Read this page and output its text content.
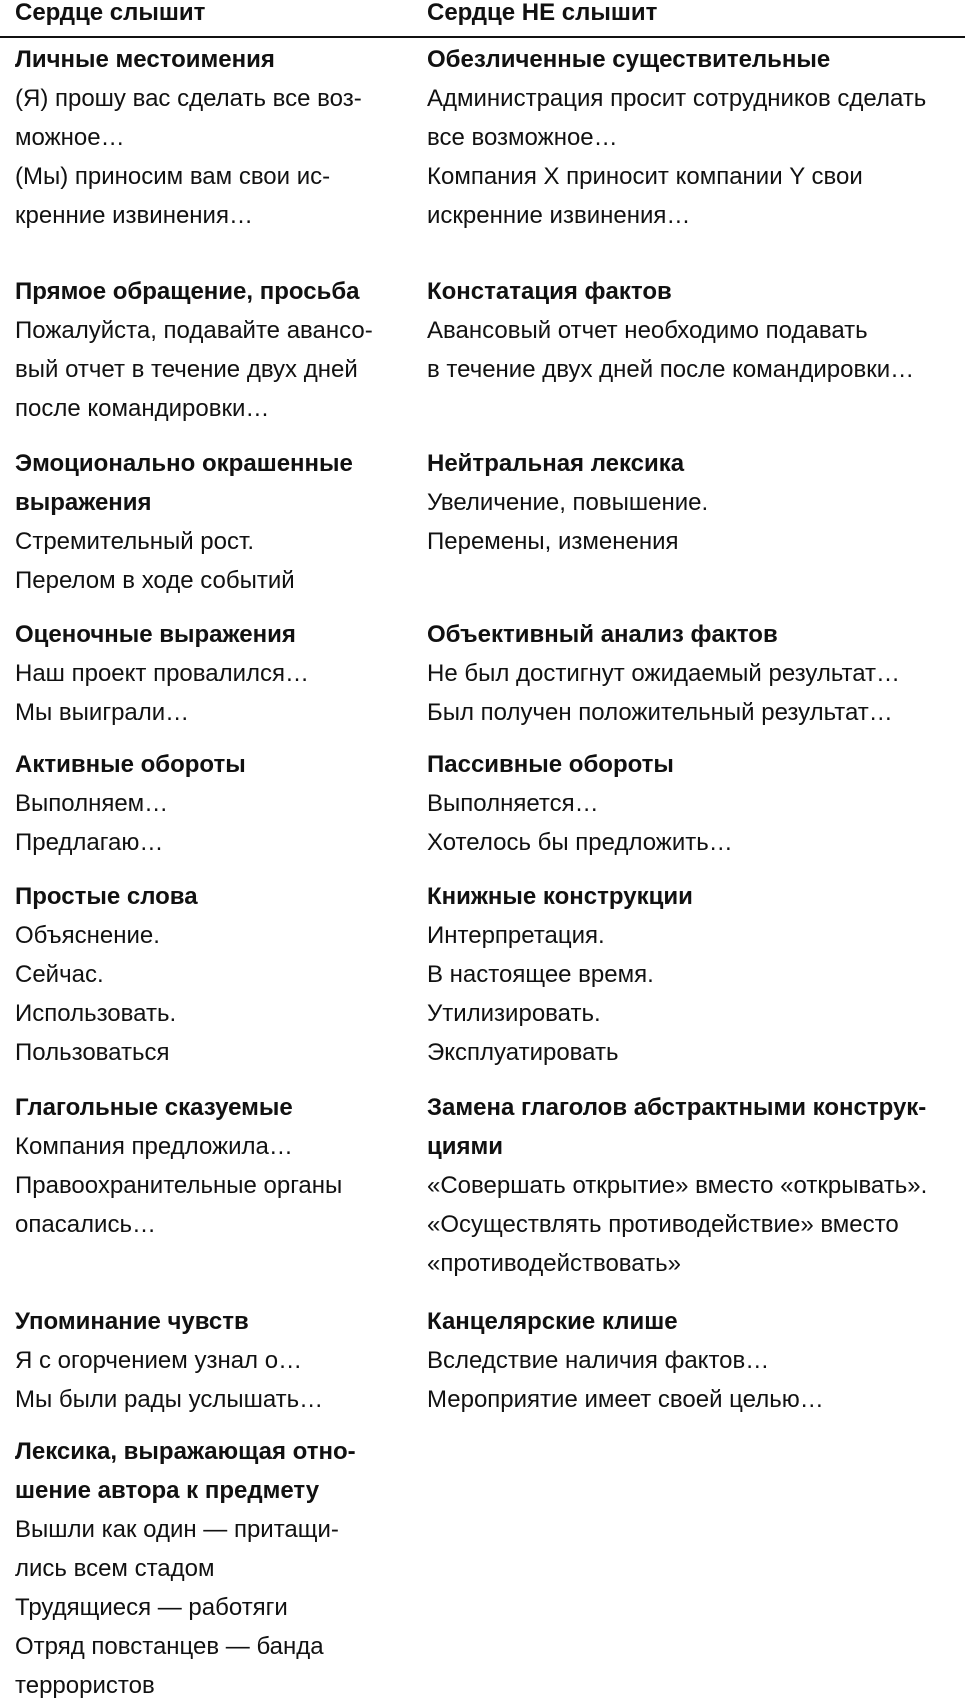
Сердце слышит	Сердце НЕ слышит

Личные местоимения

(Я) прошу вас сделать все воз-

можное…

(Мы) приносим вам свои ис-

кренние извинения…

Обезличенные существительные

Администрация просит сотрудников сделать

все возможное…

Компания X приносит компании Y свои

искренние извинения…

Прямое обращение, просьба

Пожалуйста, подавайте авансо-

вый отчет в течение двух дней

после командировки…

Констатация фактов

Авансовый отчет необходимо подавать

в течение двух дней после командировки…

Эмоционально окрашенные

выражения

Стремительный рост.

Перелом в ходе событий

Нейтральная лексика

Увеличение, повышение.

Перемены, изменения

Оценочные выражения

Наш проект провалился…

Мы выиграли…

Объективный анализ фактов

Не был достигнут ожидаемый результат…

Был получен положительный результат…

Активные обороты

Выполняем…

Предлагаю…

Пассивные обороты

Выполняется…

Хотелось бы предложить…

Простые слова

Объяснение.

Сейчас.

Использовать.

Пользоваться

Книжные конструкции

Интерпретация.

В настоящее время.

Утилизировать.

Эксплуатировать

Глагольные сказуемые

Компания предложила…

Правоохранительные органы

опасались…

Замена глаголов абстрактными конструк-

циями

«Совершать открытие» вместо «открывать».

«Осуществлять противодействие» вместо

«противодействовать»

Упоминание чувств

Я с огорчением узнал о…

Мы были рады услышать…

Канцелярские клише

Вследствие наличия фактов…

Мероприятие имеет своей целью…

Лексика, выражающая отно-

шение автора к предмету

Вышли как один — притащи-

лись всем стадом

Трудящиеся — работяги

Отряд повстанцев — банда

террористов
